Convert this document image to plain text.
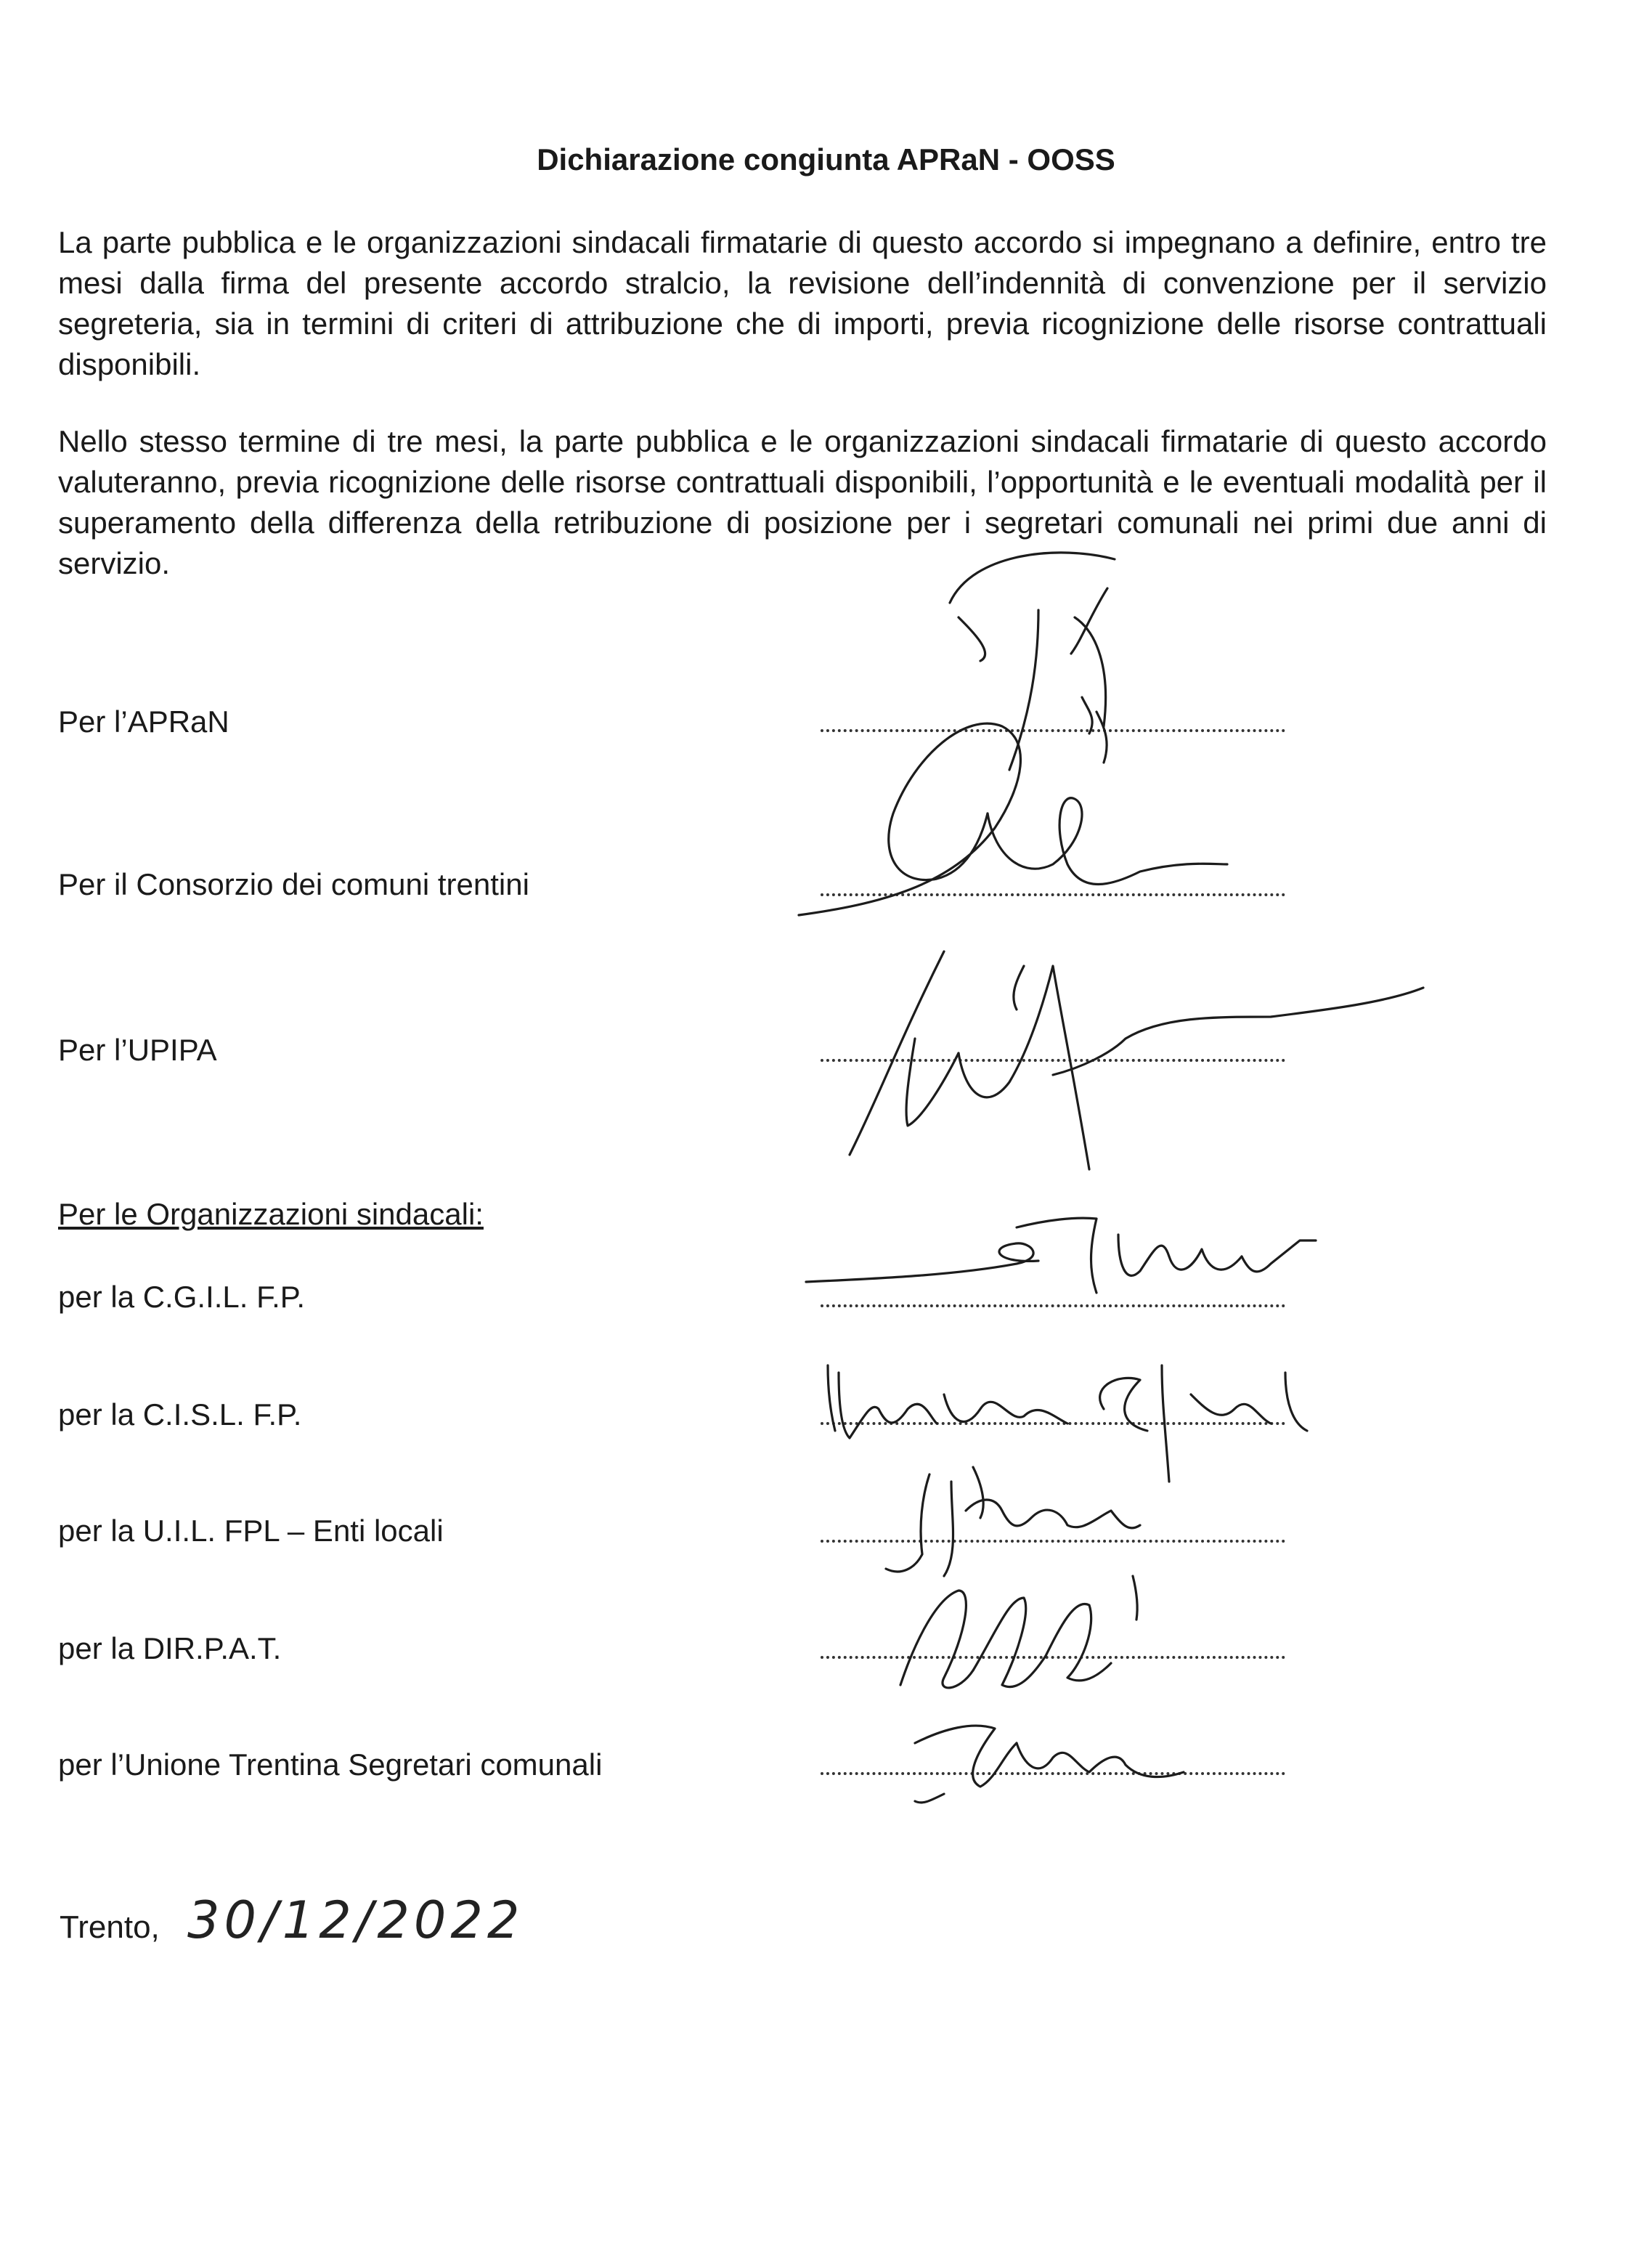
Dichiarazione congiunta APRaN - OOSS

La parte pubblica e le organizzazioni sindacali firmatarie di questo accordo si impegnano a definire, entro tre mesi dalla firma del presente accordo stralcio, la revisione dell’indennità di convenzione per il servizio segreteria, sia in termini di criteri di attribuzione che di importi, previa ricognizione delle risorse contrattuali disponibili.

Nello stesso termine di tre mesi, la parte pubblica e le organizzazioni sindacali firmatarie di questo accordo valuteranno, previa ricognizione delle risorse contrattuali disponibili, l’opportunità e le eventuali modalità per il superamento della differenza della retribuzione di posizione per i segretari comunali nei primi due anni di servizio.

Per l’APRaN
Per il Consorzio dei comuni trentini
Per l’UPIPA
Per le Organizzazioni sindacali:
per la C.G.I.L. F.P.
per la C.I.S.L. F.P.
per la U.I.L. FPL – Enti locali
per la DIR.P.A.T.
per l’Unione Trentina Segretari comunali
Trento, 30/12/2022
